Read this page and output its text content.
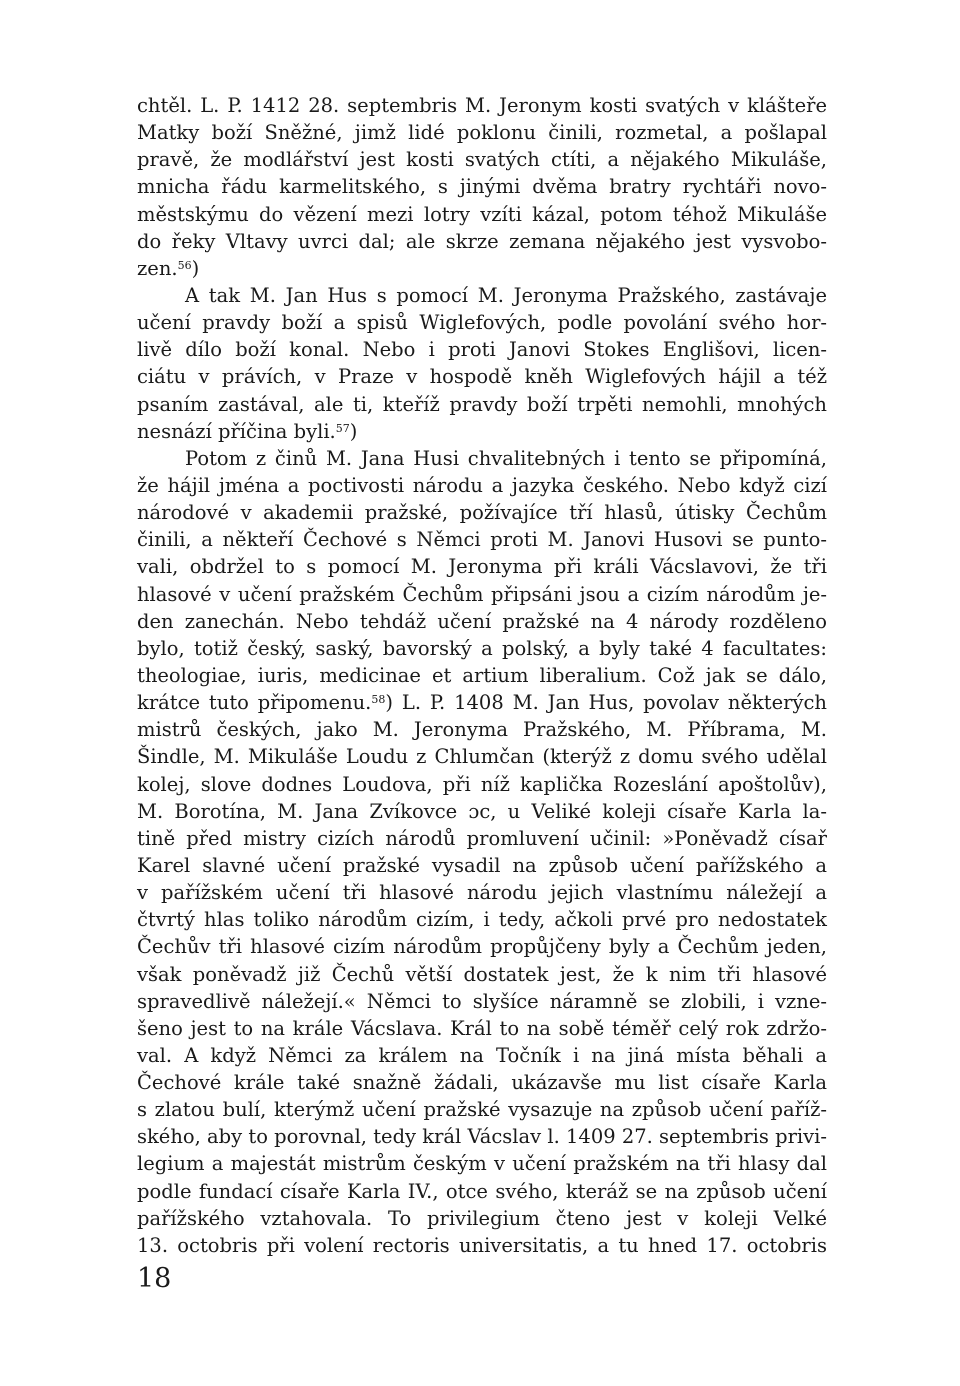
chtěl. L. P. 1412 28. septembris M. Jeronym kosti svatých v klášteře
Matky boží Sněžné, jimž lidé poklonu činili, rozmetal, a pošlapal
pravě, že modlářství jest kosti svatých ctíti, a nějakého Mikuláše,
mnicha řádu karmelitského, s jinými dvěma bratry rychtáři novo-
městskýmu do vězení mezi lotry vzíti kázal, potom téhož Mikuláše
do řeky Vltavy uvrci dal; ale skrze zemana nějakého jest vysvobo-
zen.$^{56}$)
A tak M. Jan Hus s pomocí M. Jeronyma Pražského, zastávaje
učení pravdy boží a spisů Wiglefových, podle povolání svého hor-
livě dílo boží konal. Nebo i proti Janovi Stokes Englišovi, licen-
ciátu v právích, v Praze v hospodě kněh Wiglefových hájil a též
psaním zastával, ale ti, kteříž pravdy boží trpěti nemohli, mnohých
nesnází příčina byli.$^{57}$)
Potom z činů M. Jana Husi chvalitebných i tento se připomíná,
že hájil jména a poctivosti národu a jazyka českého. Nebo když cizí
národové v akademii pražské, požívajíce tří hlasů, útisky Čechům
činili, a někteří Čechové s Němci proti M. Janovi Husovi se punto-
vali, obdržel to s pomocí M. Jeronyma při králi Vácslavovi, že tři
hlasové v učení pražském Čechům připsáni jsou a cizím národům je-
den zanechán. Nebo tehdáž učení pražské na 4 národy rozděleno
bylo, totiž český, saský, bavorský a polský, a byly také 4 facultates:
theologiae, iuris, medicinae et artium liberalium. Což jak se dálo,
krátce tuto připomenu.$^{58}$) L. P. 1408 M. Jan Hus, povolav některých
mistrů českých, jako M. Jeronyma Pražského, M. Příbrama, M.
Šindle, M. Mikuláše Loudu z Chlumčan (kterýž z domu svého udělal
kolej, slove dodnes Loudova, při níž kaplička Rozeslání apoštolův),
M. Borotína, M. Jana Zvíkovce ɔc, u Veliké koleji císaře Karla la-
tině před mistry cizích národů promluvení učinil: »Poněvadž císař
Karel slavné učení pražské vysadil na způsob učení pařížského a
v pařížském učení tři hlasové národu jejich vlastnímu náležejí a
čtvrtý hlas toliko národům cizím, i tedy, ačkoli prvé pro nedostatek
Čechův tři hlasové cizím národům propůjčeny byly a Čechům jeden,
však poněvadž již Čechů větší dostatek jest, že k nim tři hlasové
spravedlivě náležejí.« Němci to slyšíce náramně se zlobili, i vzne-
šeno jest to na krále Vácslava. Král to na sobě téměř celý rok zdržo-
val. A když Němci za králem na Točník i na jiná místa běhali a
Čechové krále také snažně žádali, ukázavše mu list císaře Karla
s zlatou bulí, kterýmž učení pražské vysazuje na způsob učení paříž-
ského, aby to porovnal, tedy král Vácslav l. 1409 27. septembris privi-
legium a majestát mistrům českým v učení pražském na tři hlasy dal
podle fundací císaře Karla IV., otce svého, kteráž se na způsob učení
pařížského vztahovala. To privilegium čteno jest v koleji Velké
13. octobris při volení rectoris universitatis, a tu hned 17. octobris
18
